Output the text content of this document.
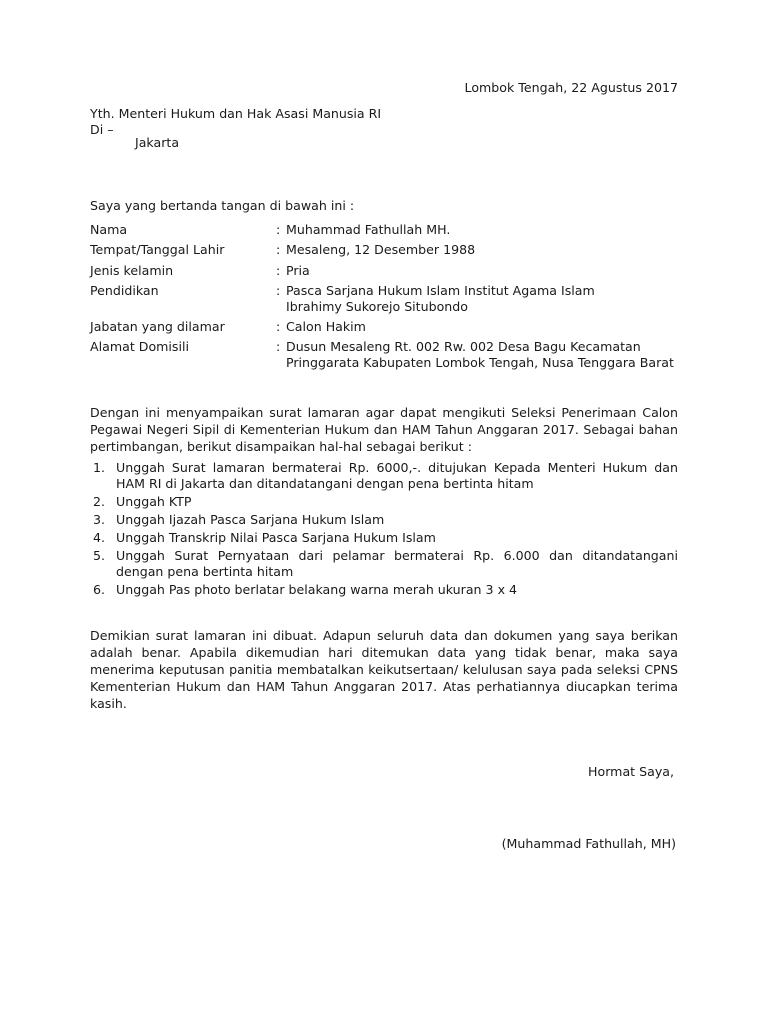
Lombok Tengah, 22 Agustus 2017
Yth. Menteri Hukum dan Hak Asasi Manusia RI
Di –
Jakarta
Saya yang bertanda tangan di bawah ini :
Nama	: Muhammad Fathullah MH.
Tempat/Tanggal Lahir	: Mesaleng, 12 Desember 1988
Jenis kelamin	: Pria
Pendidikan	: Pasca Sarjana Hukum Islam Institut Agama Islam Ibrahimy Sukorejo Situbondo
Jabatan yang dilamar	: Calon Hakim
Alamat Domisili	: Dusun Mesaleng Rt. 002 Rw. 002 Desa Bagu Kecamatan Pringgarata Kabupaten Lombok Tengah, Nusa Tenggara Barat
Dengan ini menyampaikan surat lamaran agar dapat mengikuti Seleksi Penerimaan Calon Pegawai Negeri Sipil di Kementerian Hukum dan HAM Tahun Anggaran 2017. Sebagai bahan pertimbangan, berikut disampaikan hal-hal sebagai berikut :
1. Unggah Surat lamaran bermaterai Rp. 6000,-. ditujukan Kepada Menteri Hukum dan HAM RI di Jakarta dan ditandatangani dengan pena bertinta hitam
2. Unggah KTP
3. Unggah Ijazah Pasca Sarjana Hukum Islam
4. Unggah Transkrip Nilai Pasca Sarjana Hukum Islam
5. Unggah Surat Pernyataan dari pelamar bermaterai Rp. 6.000 dan ditandatangani dengan pena bertinta hitam
6. Unggah Pas photo berlatar belakang warna merah ukuran 3 x 4
Demikian surat lamaran ini dibuat. Adapun seluruh data dan dokumen yang saya berikan adalah benar. Apabila dikemudian hari ditemukan data yang tidak benar, maka saya menerima keputusan panitia membatalkan keikutsertaan/ kelulusan saya pada seleksi CPNS Kementerian Hukum dan HAM Tahun Anggaran 2017. Atas perhatiannya diucapkan terima kasih.
Hormat Saya,
(Muhammad Fathullah, MH)
